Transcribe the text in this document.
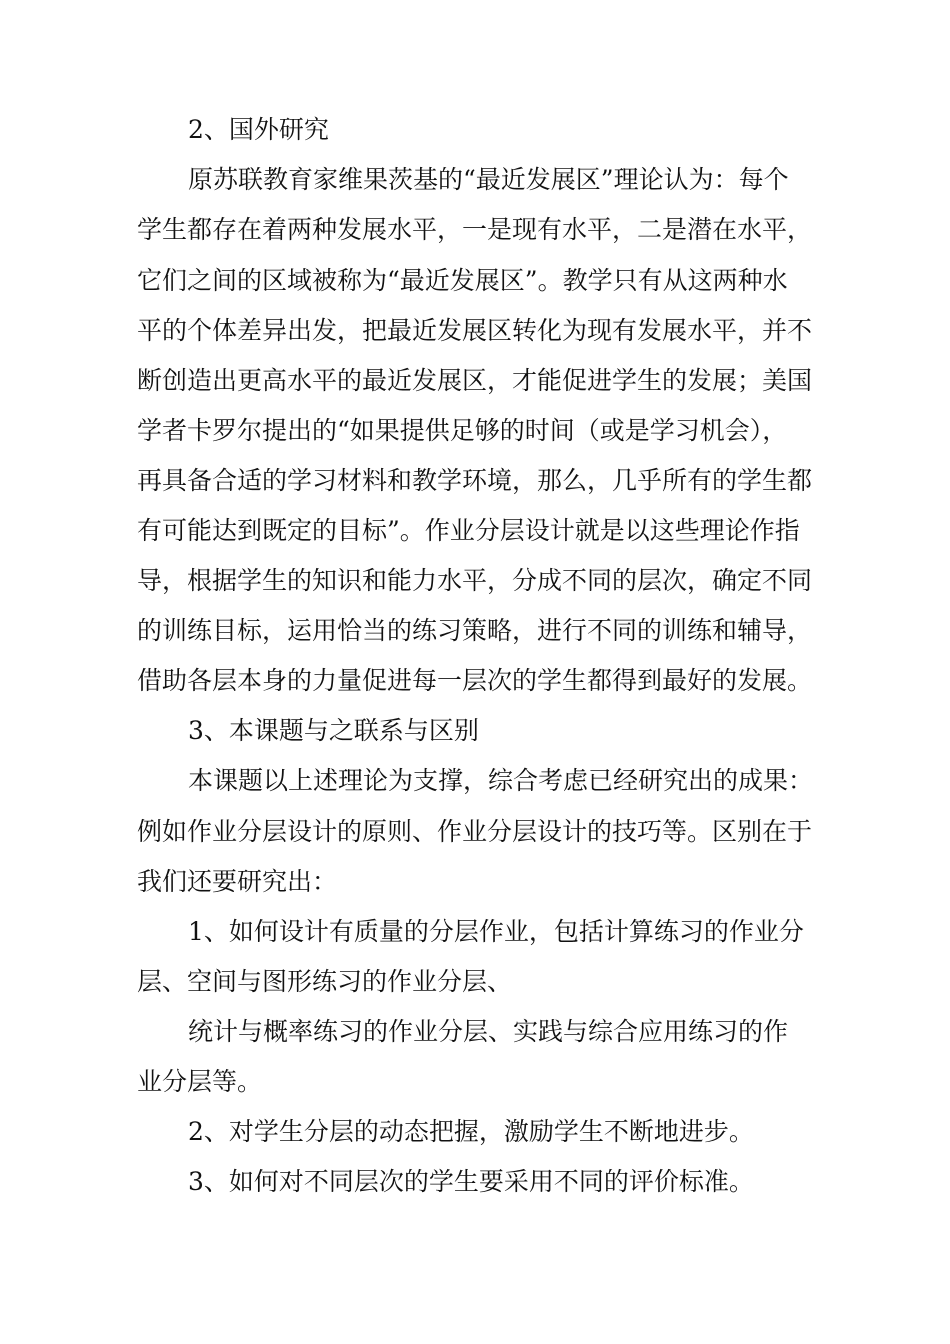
2、国外研究
原苏联教育家维果茨基的“最近发展区”理论认为：每个
学生都存在着两种发展水平，一是现有水平，二是潜在水平，
它们之间的区域被称为“最近发展区”。教学只有从这两种水
平的个体差异出发，把最近发展区转化为现有发展水平，并不
断创造出更高水平的最近发展区，才能促进学生的发展；美国
学者卡罗尔提出的“如果提供足够的时间（或是学习机会），
再具备合适的学习材料和教学环境，那么，几乎所有的学生都
有可能达到既定的目标”。作业分层设计就是以这些理论作指
导，根据学生的知识和能力水平，分成不同的层次，确定不同
的训练目标，运用恰当的练习策略，进行不同的训练和辅导，
借助各层本身的力量促进每一层次的学生都得到最好的发展。
3、本课题与之联系与区别
本课题以上述理论为支撑，综合考虑已经研究出的成果：
例如作业分层设计的原则、作业分层设计的技巧等。区别在于
我们还要研究出：
1、如何设计有质量的分层作业，包括计算练习的作业分
层、空间与图形练习的作业分层、
统计与概率练习的作业分层、实践与综合应用练习的作
业分层等。
2、对学生分层的动态把握，激励学生不断地进步。
3、如何对不同层次的学生要采用不同的评价标准。
